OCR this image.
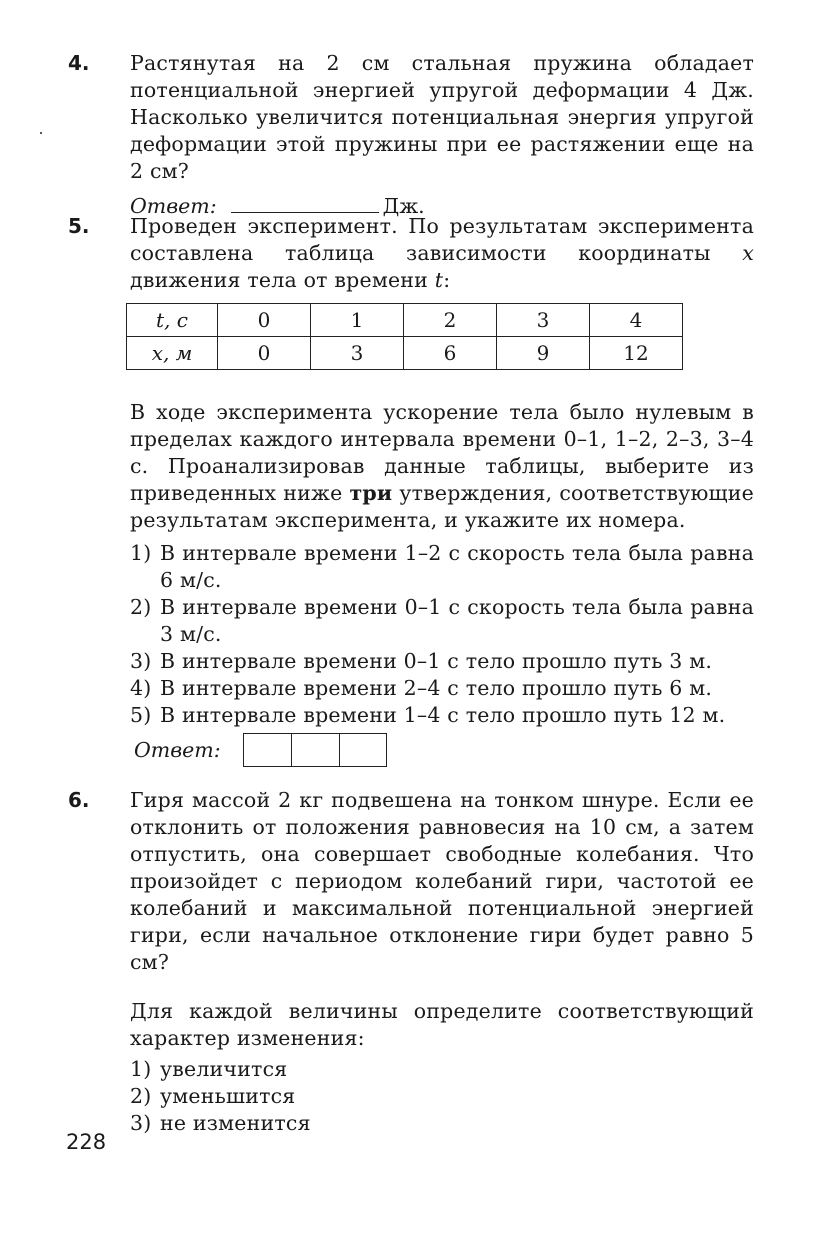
4. Растянутая на 2 см стальная пружина обладает потенциальной энергией упругой деформации 4 Дж. Насколько увеличится потенциальная энергия упругой деформации этой пружины при ее растяжении еще на 2 см?
Ответ:	Дж.
5. Проведен эксперимент. По результатам эксперимента составлена таблица зависимости координаты x движения тела от времени t:
t, c	0	1	2	3	4
x, м	0	3	6	9	12
В ходе эксперимента ускорение тела было нулевым в пределах каждого интервала времени 0–1, 1–2, 2–3, 3–4 с. Проанализировав данные таблицы, выберите из приведенных ниже три утверждения, соответствующие результатам эксперимента, и укажите их номера.
1) В интервале времени 1–2 с скорость тела была равна 6 м/с.
2) В интервале времени 0–1 с скорость тела была равна 3 м/с.
3) В интервале времени 0–1 с тело прошло путь 3 м.
4) В интервале времени 2–4 с тело прошло путь 6 м.
5) В интервале времени 1–4 с тело прошло путь 12 м.
Ответ:
6. Гиря массой 2 кг подвешена на тонком шнуре. Если ее отклонить от положения равновесия на 10 см, а затем отпустить, она совершает свободные колебания. Что произойдет с периодом колебаний гири, частотой ее колебаний и максимальной потенциальной энергией гири, если начальное отклонение гири будет равно 5 см?
Для каждой величины определите соответствующий характер изменения:
1) увеличится
2) уменьшится
3) не изменится
228
